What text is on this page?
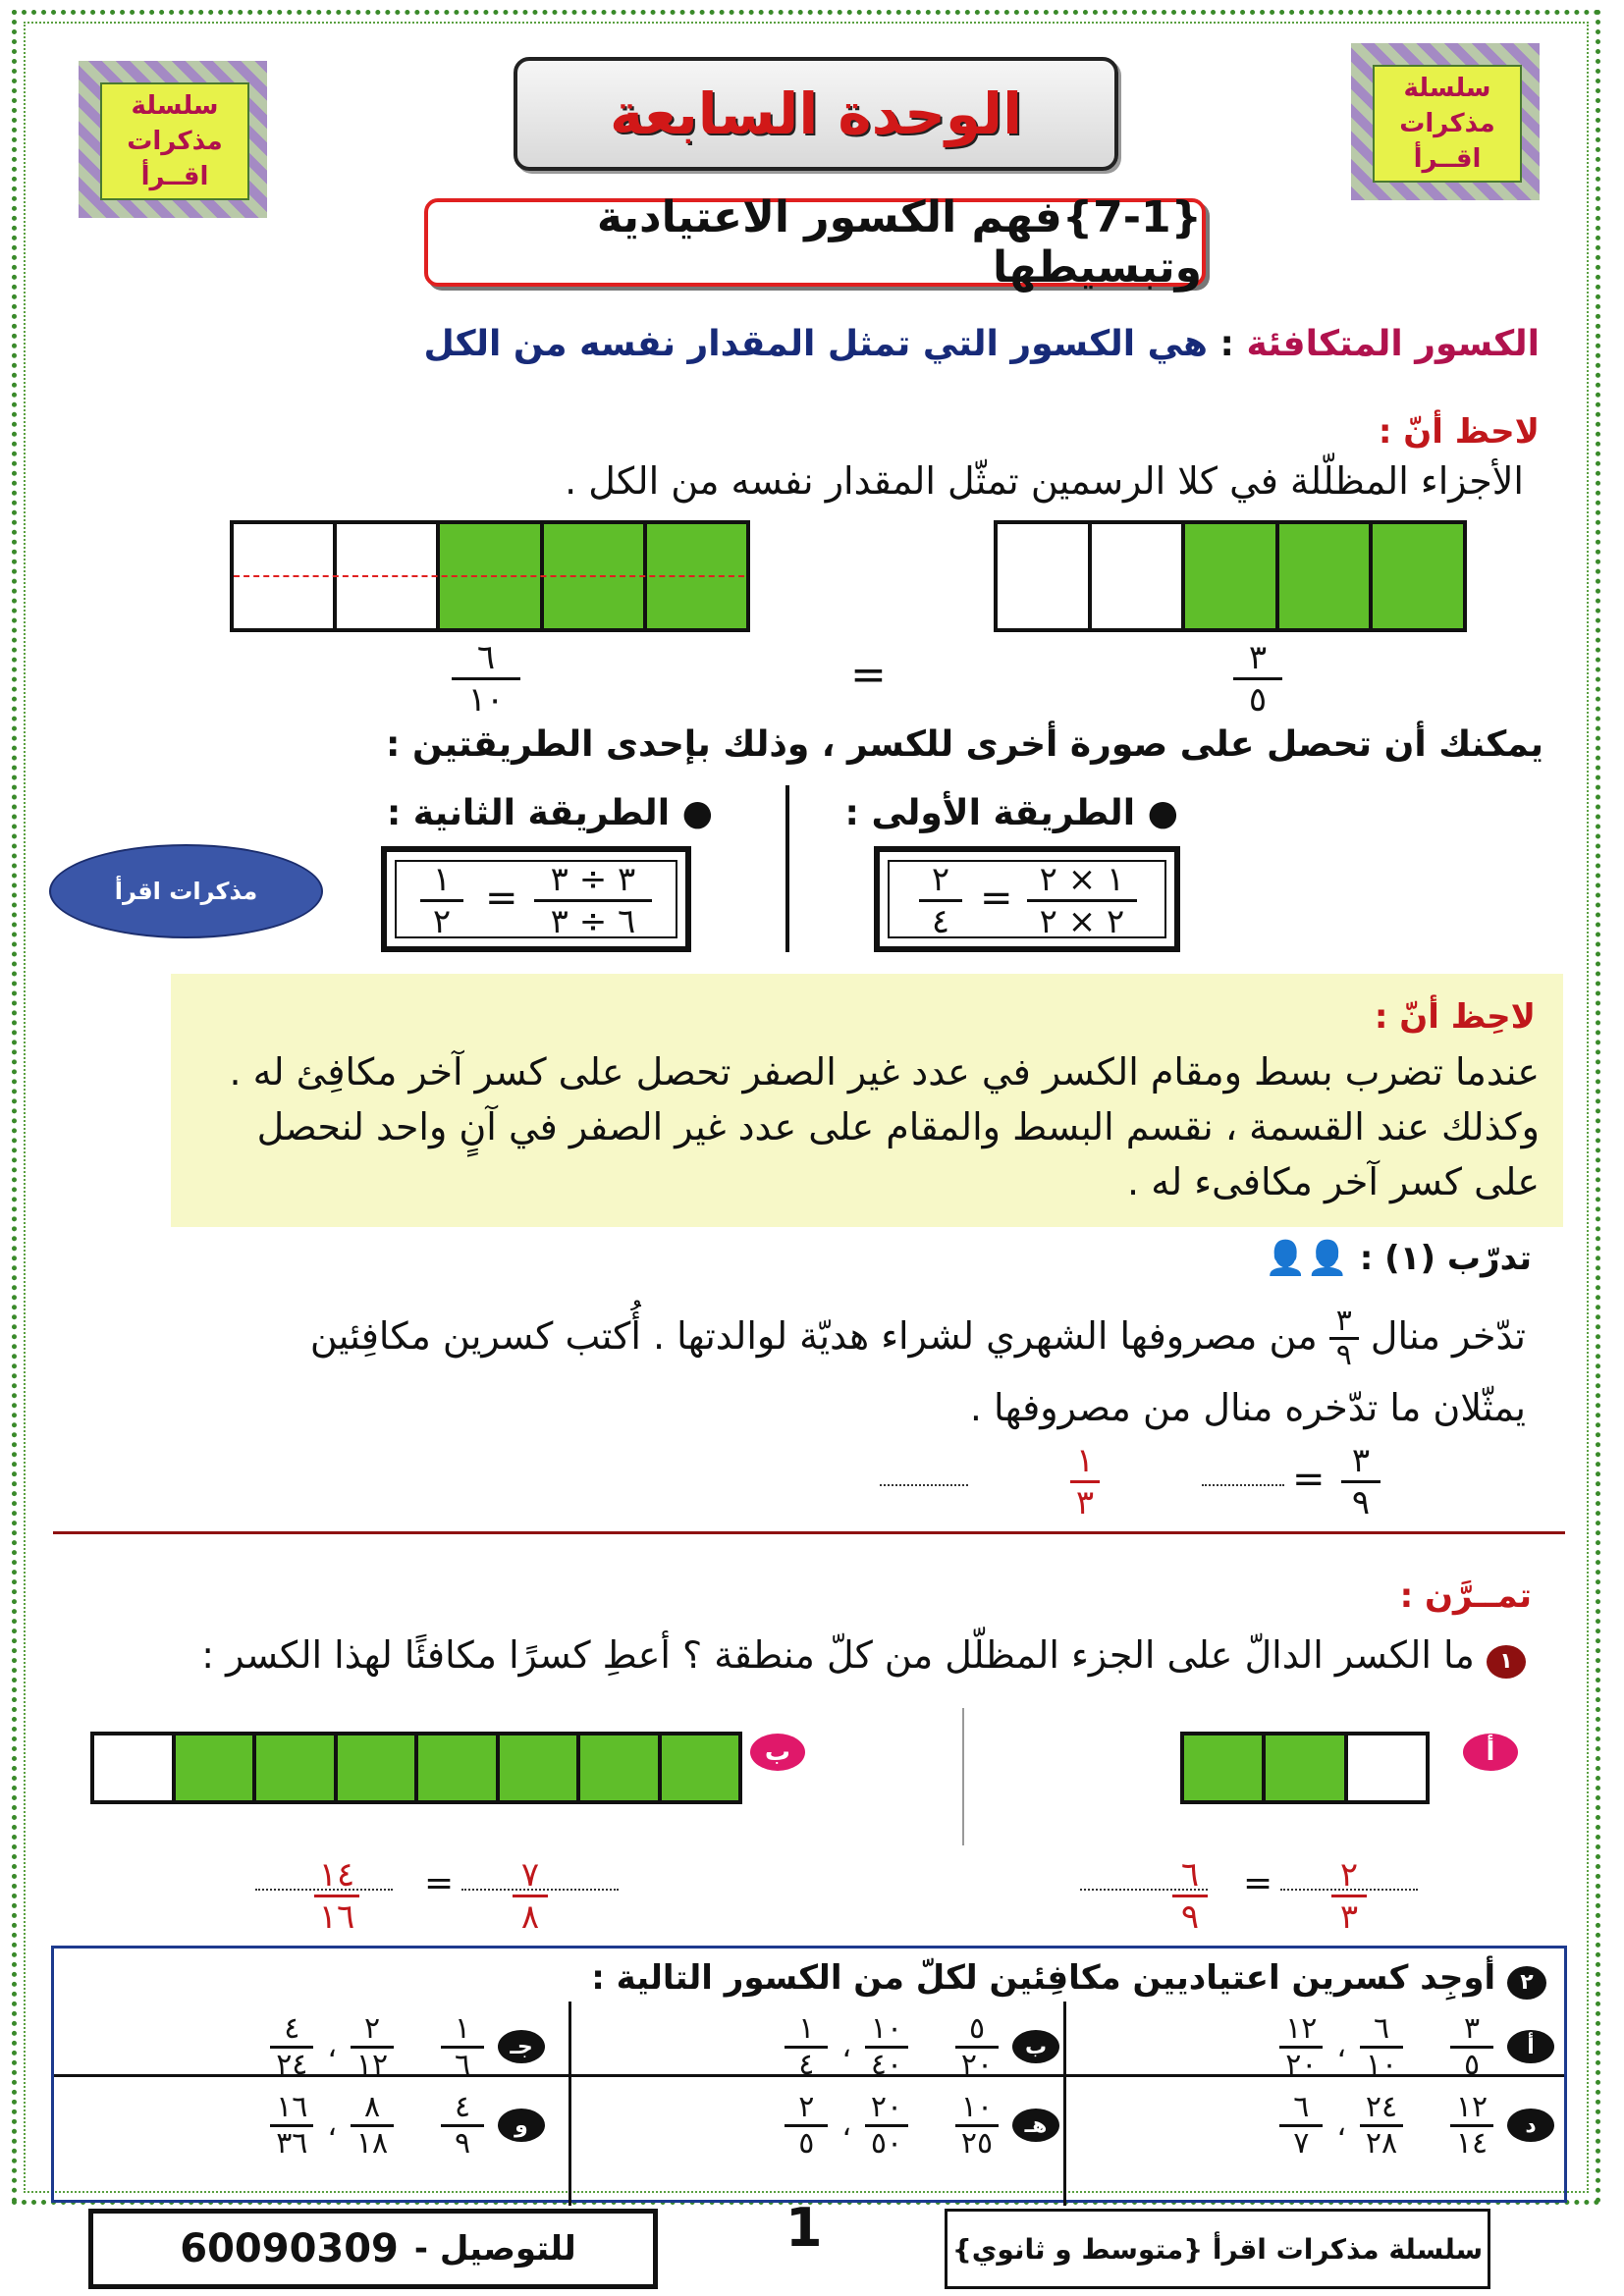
سلسلة
مذكرات
اقــرأ
سلسلة
مذكرات
اقــرأ
الوحدة السابعة
{7-1}فهم الكسور الاعتيادية وتبسيطها
الكسور المتكافئة : هي الكسور التي تمثل المقدار نفسه من الكل
لاحظ أنّ :
الأجزاء المظلّلة في كلا الرسمين تمثّل المقدار نفسه من الكل .
٣
٥
٦
١٠	=
يمكنك أن تحصل على صورة أخرى للكسر ، وذلك بإحدى الطريقتين :
● الطريقة الأولى :
١ × ٢
٢ × ٢
=
٢
٤
● الطريقة الثانية :
٣ ÷ ٣
٦ ÷ ٣
=
١
٢
مذكرات اقرأ
لاحِظ أنّ :
عندما تضرب بسط ومقام الكسر في عدد غير الصفر تحصل على كسر آخر مكافِئ له .
وكذلك عند القسمة ، نقسم البسط والمقام على عدد غير الصفر في آنٍ واحد لنحصل
على كسر آخر مكافىء له .
تدرّب (١) : 👤👤
تدّخر منال
٣
٩
من مصروفها الشهري لشراء هديّة لوالدتها . أُكتب كسرين مكافِئين
يمثّلان ما تدّخره منال من مصروفها .
٣
٩
=
١
٣
تمــرَّن :
١ ما الكسر الدالّ على الجزء المظلّل من كلّ منطقة ؟ أعطِ كسرًا مكافئًا لهذا الكسر :
أ
ب
٦
٩
= ٢
٣
١٤
١٦
= ٧
٨
٢ أوجِد كسرين اعتياديين مكافِئين لكلّ من الكسور التالية :
$\frac{١٢}{٢٠}$ ، $\frac{٦}{١٠} \frac{٣}{٥}$	أ
$\frac{١}{٤}$ ، $\frac{١٠}{٤٠} \frac{٥}{٢٠}$	ب
$\frac{٤}{٢٤}$ ، $\frac{٢}{١٢} \frac{١}{٦}$	جـ
$\frac{٦}{٧}$ ، $\frac{٢٤}{٢٨} \frac{١٢}{١٤}$	د
$\frac{٢}{٥}$ ، $\frac{٢٠}{٥٠} \frac{١٠}{٢٥}$	هـ
$\frac{١٦}{٣٦}$ ، $\frac{٨}{١٨} \frac{٤}{٩}$	و
سلسلة مذكرات اقرأ {متوسط و ثانوي}
1
60090309 للتوصيل -
